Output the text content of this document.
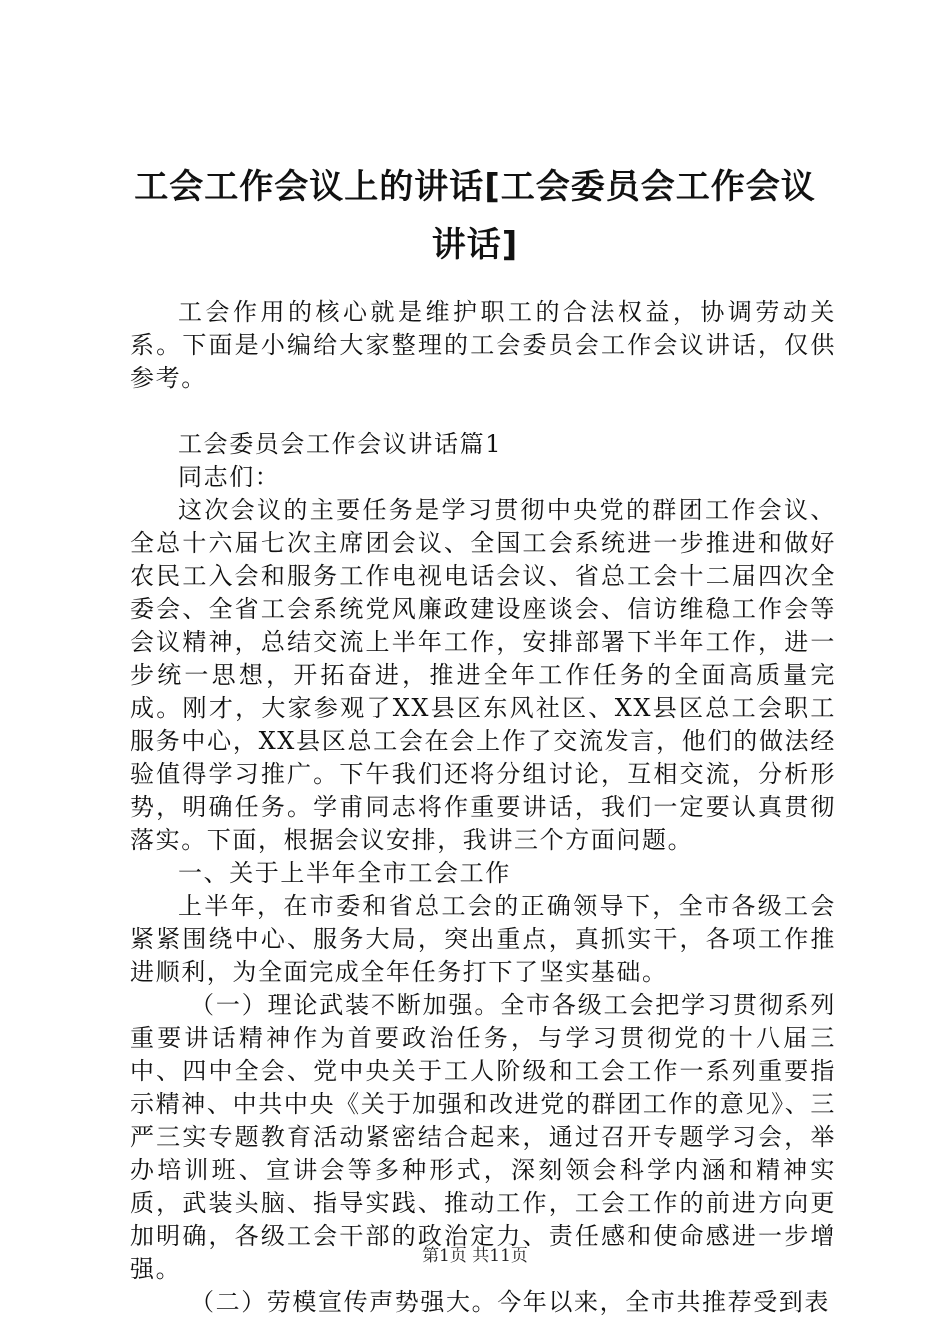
工会工作会议上的讲话[工会委员会工作会议讲话]

工会作用的核心就是维护职工的合法权益，协调劳动关系。下面是小编给大家整理的工会委员会工作会议讲话，仅供参考。

工会委员会工作会议讲话篇1

同志们：

这次会议的主要任务是学习贯彻中央党的群团工作会议、全总十六届七次主席团会议、全国工会系统进一步推进和做好农民工入会和服务工作电视电话会议、省总工会十二届四次全委会、全省工会系统党风廉政建设座谈会、信访维稳工作会等会议精神，总结交流上半年工作，安排部署下半年工作，进一步统一思想，开拓奋进，推进全年工作任务的全面高质量完成。刚才，大家参观了XX县区东风社区、XX县区总工会职工服务中心，XX县区总工会在会上作了交流发言，他们的做法经验值得学习推广。下午我们还将分组讨论，互相交流，分析形势，明确任务。学甫同志将作重要讲话，我们一定要认真贯彻落实。下面，根据会议安排，我讲三个方面问题。

一、关于上半年全市工会工作

上半年，在市委和省总工会的正确领导下，全市各级工会紧紧围绕中心、服务大局，突出重点，真抓实干，各项工作推进顺利，为全面完成全年任务打下了坚实基础。

（一）理论武装不断加强。全市各级工会把学习贯彻系列重要讲话精神作为首要政治任务，与学习贯彻党的十八届三中、四中全会、党中央关于工人阶级和工会工作一系列重要指示精神、中共中央《关于加强和改进党的群团工作的意见》、三严三实专题教育活动紧密结合起来，通过召开专题学习会，举办培训班、宣讲会等多种形式，深刻领会科学内涵和精神实质，武装头脑、指导实践、推动工作，工会工作的前进方向更加明确，各级工会干部的政治定力、责任感和使命感进一步增强。

（二）劳模宣传声势强大。今年以来，全市共推荐受到表

第1页 共11页
